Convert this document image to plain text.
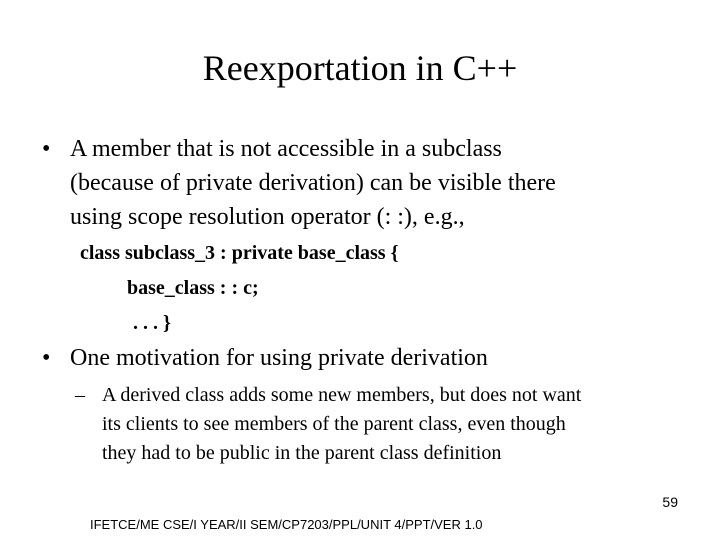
Reexportation in C++
• A member that is not accessible in a subclass
(because of private derivation) can be visible there
using scope resolution operator (: :), e.g.,
class subclass_3 : private base_class {
base_class : : c;
. . . }
• One motivation for using private derivation
– A derived class adds some new members, but does not want
its clients to see members of the parent class, even though
they had to be public in the parent class definition
59
IFETCE/ME CSE/I YEAR/II SEM/CP7203/PPL/UNIT 4/PPT/VER 1.0
